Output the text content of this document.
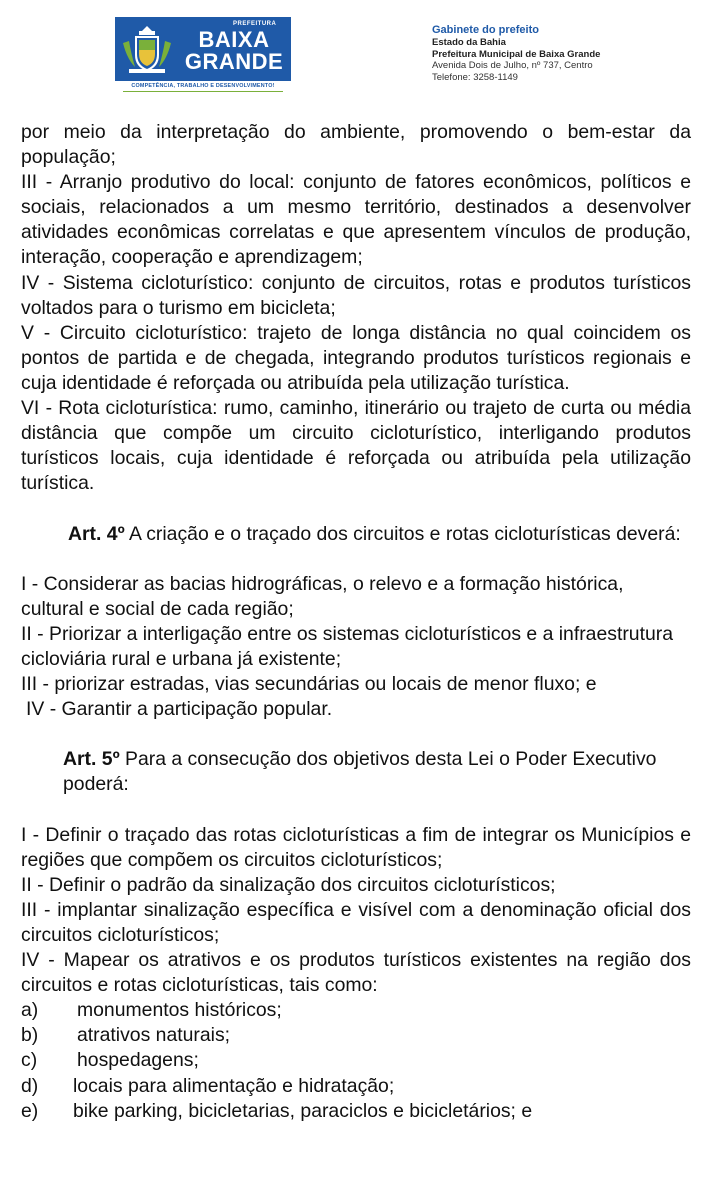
PREFEITURA
BAIXA
GRANDE
COMPETÊNCIA, TRABALHO E DESENVOLVIMENTO!
Gabinete do prefeito
Estado da Bahia
Prefeitura Municipal de Baixa Grande
Avenida Dois de Julho, nº 737, Centro
Telefone: 3258-1149

por meio da interpretação do ambiente, promovendo o bem-estar da população;

III - Arranjo produtivo do local: conjunto de fatores econômicos, políticos e sociais, relacionados a um mesmo território, destinados a desenvolver atividades econômicas correlatas e que apresentem vínculos de produção, interação, cooperação e aprendizagem;

IV - Sistema cicloturístico: conjunto de circuitos, rotas e produtos turísticos voltados para o turismo em bicicleta;

V - Circuito cicloturístico: trajeto de longa distância no qual coincidem os pontos de partida e de chegada, integrando produtos turísticos regionais e cuja identidade é reforçada ou atribuída pela utilização turística.

VI - Rota cicloturística: rumo, caminho, itinerário ou trajeto de curta ou média distância que compõe um circuito cicloturístico, interligando produtos turísticos locais, cuja identidade é reforçada ou atribuída pela utilização turística.

Art. 4º A criação e o traçado dos circuitos e rotas cicloturísticas deverá:

I - Considerar as bacias hidrográficas, o relevo e a formação histórica, cultural e social de cada região;

II - Priorizar a interligação entre os sistemas cicloturísticos e a infraestrutura cicloviária rural e urbana já existente;

III - priorizar estradas, vias secundárias ou locais de menor fluxo; e

IV - Garantir a participação popular.

Art. 5º Para a consecução dos objetivos desta Lei o Poder Executivo poderá:

I - Definir o traçado das rotas cicloturísticas a fim de integrar os Municípios e regiões que compõem os circuitos cicloturísticos;

II - Definir o padrão da sinalização dos circuitos cicloturísticos;

III - implantar sinalização específica e visível com a denominação oficial dos circuitos cicloturísticos;

IV - Mapear os atrativos e os produtos turísticos existentes na região dos circuitos e rotas cicloturísticas, tais como:

a)	monumentos históricos;
b)	atrativos naturais;
c)	hospedagens;
d)	locais para alimentação e hidratação;
e)	bike parking, bicicletarias, paraciclos e bicicletários; e
